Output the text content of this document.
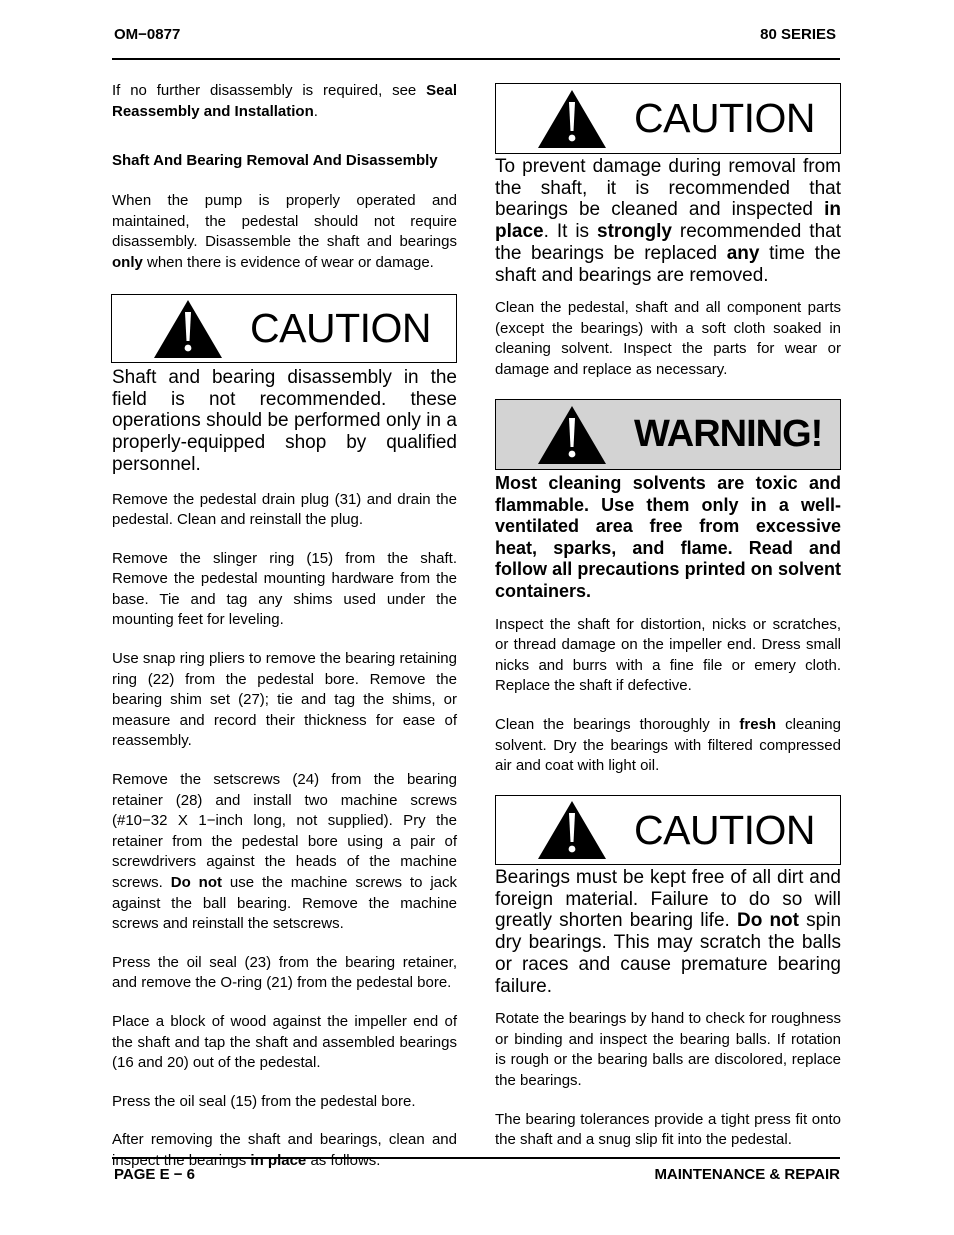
OM−0877	80 SERIES

If no further disassembly is required, see Seal Reassembly and Installation.

Shaft And Bearing Removal And Disassembly

When the pump is properly operated and maintained, the pedestal should not require disassembly. Disassemble the shaft and bearings only when there is evidence of wear or damage.

CAUTION

Shaft and bearing disassembly in the field is not recommended. these operations should be performed only in a properly-equipped shop by qualified personnel.

Remove the pedestal drain plug (31) and drain the pedestal. Clean and reinstall the plug.

Remove the slinger ring (15) from the shaft. Remove the pedestal mounting hardware from the base. Tie and tag any shims used under the mounting feet for leveling.

Use snap ring pliers to remove the bearing retaining ring (22) from the pedestal bore. Remove the bearing shim set (27); tie and tag the shims, or measure and record their thickness for ease of reassembly.

Remove the setscrews (24) from the bearing retainer (28) and install two machine screws (#10−32 X 1−inch long, not supplied). Pry the retainer from the pedestal bore using a pair of screwdrivers against the heads of the machine screws. Do not use the machine screws to jack against the ball bearing. Remove the machine screws and reinstall the setscrews.

Press the oil seal (23) from the bearing retainer, and remove the O-ring (21) from the pedestal bore.

Place a block of wood against the impeller end of the shaft and tap the shaft and assembled bearings (16 and 20) out of the pedestal.

Press the oil seal (15) from the pedestal bore.

After removing the shaft and bearings, clean and inspect the bearings in place as follows.

CAUTION

To prevent damage during removal from the shaft, it is recommended that bearings be cleaned and inspected in place. It is strongly recommended that the bearings be replaced any time the shaft and bearings are removed.

Clean the pedestal, shaft and all component parts (except the bearings) with a soft cloth soaked in cleaning solvent. Inspect the parts for wear or damage and replace as necessary.

WARNING!

Most cleaning solvents are toxic and flammable. Use them only in a well-ventilated area free from excessive heat, sparks, and flame. Read and follow all precautions printed on solvent containers.

Inspect the shaft for distortion, nicks or scratches, or thread damage on the impeller end. Dress small nicks and burrs with a fine file or emery cloth. Replace the shaft if defective.

Clean the bearings thoroughly in fresh cleaning solvent. Dry the bearings with filtered compressed air and coat with light oil.

CAUTION

Bearings must be kept free of all dirt and foreign material. Failure to do so will greatly shorten bearing life. Do not spin dry bearings. This may scratch the balls or races and cause premature bearing failure.

Rotate the bearings by hand to check for roughness or binding and inspect the bearing balls. If rotation is rough or the bearing balls are discolored, replace the bearings.

The bearing tolerances provide a tight press fit onto the shaft and a snug slip fit into the pedestal.

PAGE E − 6	MAINTENANCE & REPAIR
